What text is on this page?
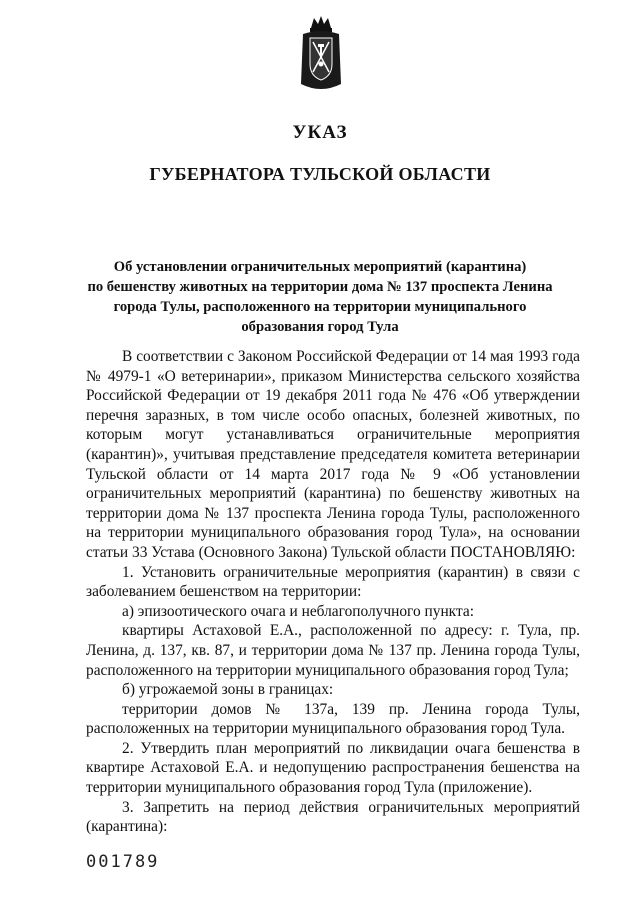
УКАЗ
ГУБЕРНАТОРА ТУЛЬСКОЙ ОБЛАСТИ
Об установлении ограничительных мероприятий (карантина)
по бешенству животных на территории дома № 137 проспекта Ленина
города Тулы, расположенного на территории муниципального
образования город Тула

В соответствии с Законом Российской Федерации от 14 мая 1993 года № 4979-1 «О ветеринарии», приказом Министерства сельского хозяйства Российской Федерации от 19 декабря 2011 года № 476 «Об утверждении перечня заразных, в том числе особо опасных, болезней животных, по которым могут устанавливаться ограничительные мероприятия (карантин)», учитывая представление председателя комитета ветеринарии Тульской области от 14 марта 2017 года № 9 «Об установлении ограничительных мероприятий (карантина) по бешенству животных на территории дома № 137 проспекта Ленина города Тулы, расположенного на территории муниципального образования город Тула», на основании статьи 33 Устава (Основного Закона) Тульской области ПОСТАНОВЛЯЮ:

1. Установить ограничительные мероприятия (карантин) в связи с заболеванием бешенством на территории:

а) эпизоотического очага и неблагополучного пункта:

квартиры Астаховой Е.А., расположенной по адресу: г. Тула, пр. Ленина, д. 137, кв. 87, и территории дома № 137 пр. Ленина города Тулы, расположенного на территории муниципального образования город Тула;

б) угрожаемой зоны в границах:

территории домов № 137а, 139 пр. Ленина города Тулы, расположенных на территории муниципального образования город Тула.

2. Утвердить план мероприятий по ликвидации очага бешенства в квартире Астаховой Е.А. и недопущению распространения бешенства на территории муниципального образования город Тула (приложение).

3. Запретить на период действия ограничительных мероприятий (карантина):

001789
